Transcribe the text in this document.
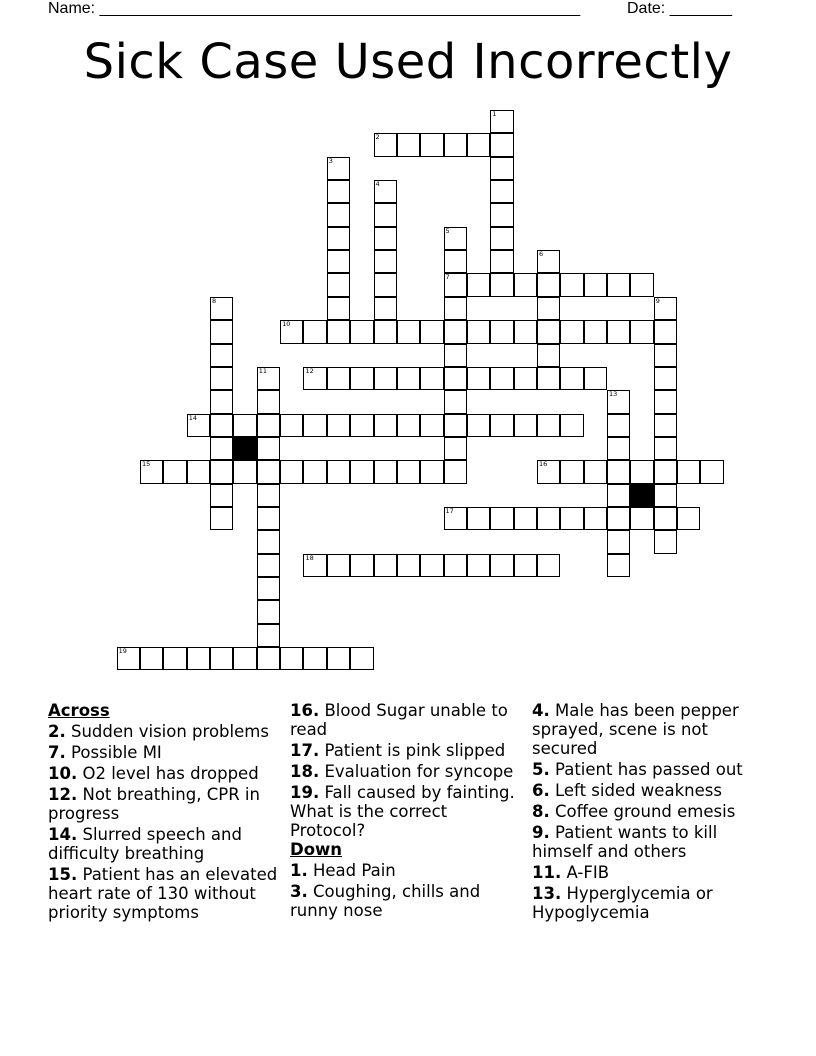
Name: ______________________________________________________	Date: _______
Sick Case Used Incorrectly
1
2
3
4
5
7
6
8	9
10
11	12
13
14
15	16
17
18
19
Across
2. Sudden vision problems
7. Possible MI
10. O2 level has dropped
12. Not breathing, CPR in progress
14. Slurred speech and difficulty breathing
15. Patient has an elevated heart rate of 130 without priority symptoms
16. Blood Sugar unable to read
17. Patient is pink slipped
18. Evaluation for syncope
19. Fall caused by fainting. What is the correct Protocol?
Down
1. Head Pain
3. Coughing, chills and runny nose
4. Male has been pepper sprayed, scene is not secured
5. Patient has passed out
6. Left sided weakness
8. Coffee ground emesis
9. Patient wants to kill himself and others
11. A-FIB
13. Hyperglycemia or Hypoglycemia
